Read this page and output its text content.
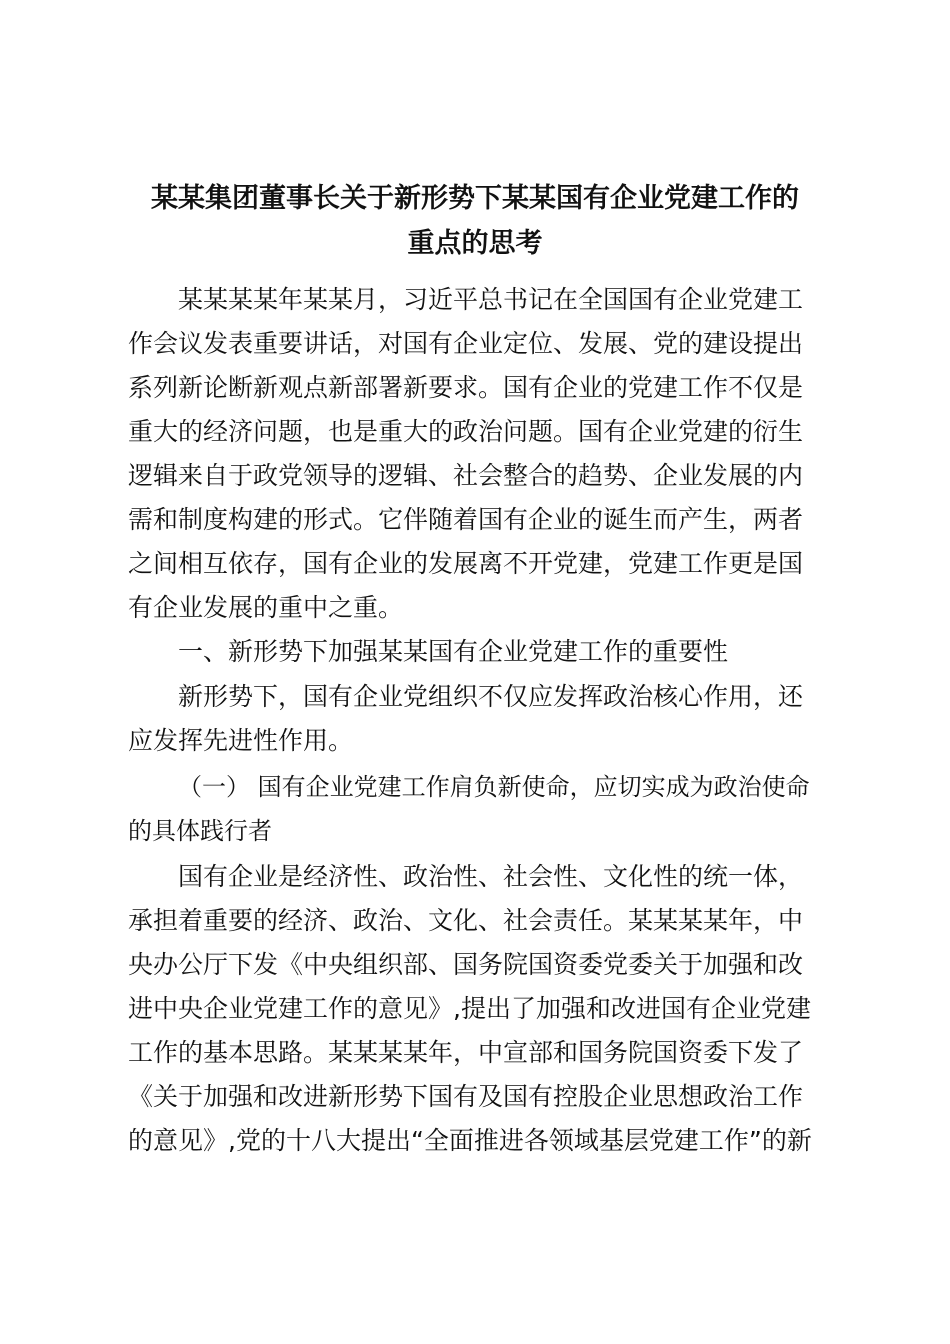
某某集团董事长关于新形势下某某国有企业党建工作的
重点的思考
某某某某年某某月，习近平总书记在全国国有企业党建工
作会议发表重要讲话，对国有企业定位、发展、党的建设提出
系列新论断新观点新部署新要求。国有企业的党建工作不仅是
重大的经济问题，也是重大的政治问题。国有企业党建的衍生
逻辑来自于政党领导的逻辑、社会整合的趋势、企业发展的内
需和制度构建的形式。它伴随着国有企业的诞生而产生，两者
之间相互依存，国有企业的发展离不开党建，党建工作更是国
有企业发展的重中之重。
一、新形势下加强某某国有企业党建工作的重要性
新形势下，国有企业党组织不仅应发挥政治核心作用，还
应发挥先进性作用。
（一） 国有企业党建工作肩负新使命，应切实成为政治使命
的具体践行者
国有企业是经济性、政治性、社会性、文化性的统一体，
承担着重要的经济、政治、文化、社会责任。某某某某年，中
央办公厅下发《中央组织部、国务院国资委党委关于加强和改
进中央企业党建工作的意见》,提出了加强和改进国有企业党建
工作的基本思路。某某某某年，中宣部和国务院国资委下发了
《关于加强和改进新形势下国有及国有控股企业思想政治工作
的意见》,党的十八大提出“全面推进各领域基层党建工作”的新
